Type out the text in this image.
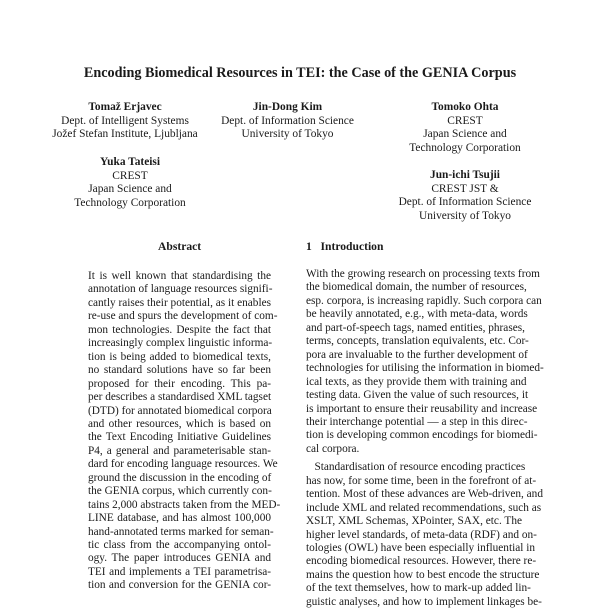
Encoding Biomedical Resources in TEI: the Case of the GENIA Corpus
Tomaž Erjavec
Dept. of Intelligent Systems
Jožef Stefan Institute, Ljubljana
Jin-Dong Kim
Dept. of Information Science
University of Tokyo
Tomoko Ohta
CREST
Japan Science and
Technology Corporation
Yuka Tateisi
CREST
Japan Science and
Technology Corporation
Jun-ichi Tsujii
CREST JST &
Dept. of Information Science
University of Tokyo
Abstract	1   Introduction
It is well known that standardising the
annotation of language resources signifi-
cantly raises their potential, as it enables
re-use and spurs the development of com-
mon technologies. Despite the fact that
increasingly complex linguistic informa-
tion is being added to biomedical texts,
no standard solutions have so far been
proposed for their encoding. This pa-
per describes a standardised XML tagset
(DTD) for annotated biomedical corpora
and other resources, which is based on
the Text Encoding Initiative Guidelines
P4, a general and parameterisable stan-
dard for encoding language resources. We
ground the discussion in the encoding of
the GENIA corpus, which currently con-
tains 2,000 abstracts taken from the MED-
LINE database, and has almost 100,000
hand-annotated terms marked for seman-
tic class from the accompanying ontol-
ogy. The paper introduces GENIA and
TEI and implements a TEI parametrisa-
tion and conversion for the GENIA cor-
With the growing research on processing texts from
the biomedical domain, the number of resources,
esp. corpora, is increasing rapidly. Such corpora can
be heavily annotated, e.g., with meta-data, words
and part-of-speech tags, named entities, phrases,
terms, concepts, translation equivalents, etc. Cor-
pora are invaluable to the further development of
technologies for utilising the information in biomed-
ical texts, as they provide them with training and
testing data. Given the value of such resources, it
is important to ensure their reusability and increase
their interchange potential — a step in this direc-
tion is developing common encodings for biomedi-
cal corpora.
Standardisation of resource encoding practices
has now, for some time, been in the forefront of at-
tention. Most of these advances are Web-driven, and
include XML and related recommendations, such as
XSLT, XML Schemas, XPointer, SAX, etc. The
higher level standards, of meta-data (RDF) and on-
tologies (OWL) have been especially influential in
encoding biomedical resources. However, there re-
mains the question how to best encode the structure
of the text themselves, how to mark-up added lin-
guistic analyses, and how to implement linkages be-
